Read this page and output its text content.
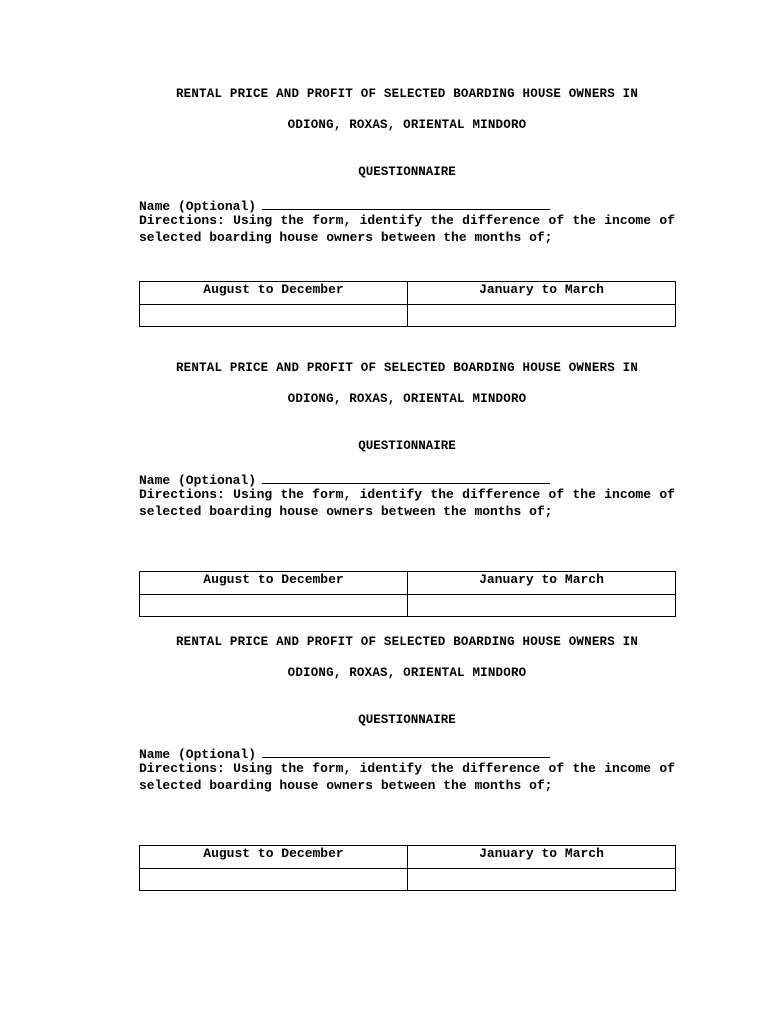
RENTAL PRICE AND PROFIT OF SELECTED BOARDING HOUSE OWNERS IN
ODIONG, ROXAS, ORIENTAL MINDORO
QUESTIONNAIRE
Name (Optional)
Directions: Using the form, identify the difference of the income of selected boarding house owners between the months of;
August to December	January to March

RENTAL PRICE AND PROFIT OF SELECTED BOARDING HOUSE OWNERS IN
ODIONG, ROXAS, ORIENTAL MINDORO
QUESTIONNAIRE
Name (Optional)
Directions: Using the form, identify the difference of the income of selected boarding house owners between the months of;
August to December	January to March

RENTAL PRICE AND PROFIT OF SELECTED BOARDING HOUSE OWNERS IN
ODIONG, ROXAS, ORIENTAL MINDORO
QUESTIONNAIRE
Name (Optional)
Directions: Using the form, identify the difference of the income of selected boarding house owners between the months of;
August to December	January to March
